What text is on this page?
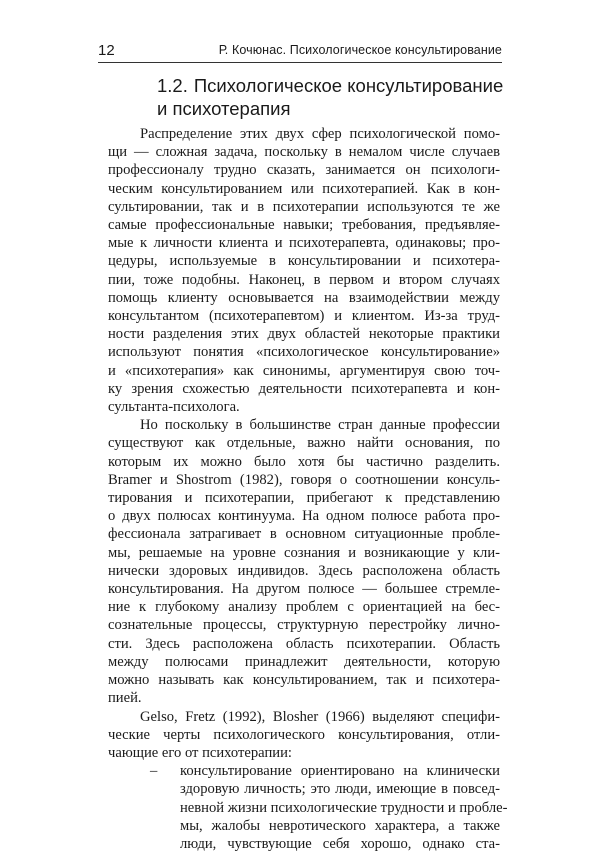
12	Р. Кочюнас. Психологическое консультирование
1.2. Психологическое консультирование
и психотерапия
Распределение этих двух сфер психологической помо-
щи — сложная задача, поскольку в немалом числе случаев
профессионалу трудно сказать, занимается он психологи-
ческим консультированием или психотерапией. Как в кон-
сультировании, так и в психотерапии используются те же
самые профессиональные навыки; требования, предъявляе-
мые к личности клиента и психотерапевта, одинаковы; про-
цедуры, используемые в консультировании и психотера-
пии, тоже подобны. Наконец, в первом и втором случаях
помощь клиенту основывается на взаимодействии между
консультантом (психотерапевтом) и клиентом. Из-за труд-
ности разделения этих двух областей некоторые практики
используют понятия «психологическое консультирование»
и «психотерапия» как синонимы, аргументируя свою точ-
ку зрения схожестью деятельности психотерапевта и кон-
сультанта-психолога.
Но поскольку в большинстве стран данные профессии
существуют как отдельные, важно найти основания, по
которым их можно было хотя бы частично разделить.
Bramer и Shostrom (1982), говоря о соотношении консуль-
тирования и психотерапии, прибегают к представлению
о двух полюсах континуума. На одном полюсе работа про-
фессионала затрагивает в основном ситуационные пробле-
мы, решаемые на уровне сознания и возникающие у кли-
нически здоровых индивидов. Здесь расположена область
консультирования. На другом полюсе — большее стремле-
ние к глубокому анализу проблем с ориентацией на бес-
сознательные процессы, структурную перестройку лично-
сти. Здесь расположена область психотерапии. Область
между полюсами принадлежит деятельности, которую
можно называть как консультированием, так и психотера-
пией.
Gelso, Fretz (1992), Blosher (1966) выделяют специфи-
ческие черты психологического консультирования, отли-
чающие его от психотерапии:
– консультирование ориентировано на клинически
здоровую личность; это люди, имеющие в повсед-
невной жизни психологические трудности и пробле-
мы, жалобы невротического характера, а также
люди, чувствующие себя хорошо, однако ста-
